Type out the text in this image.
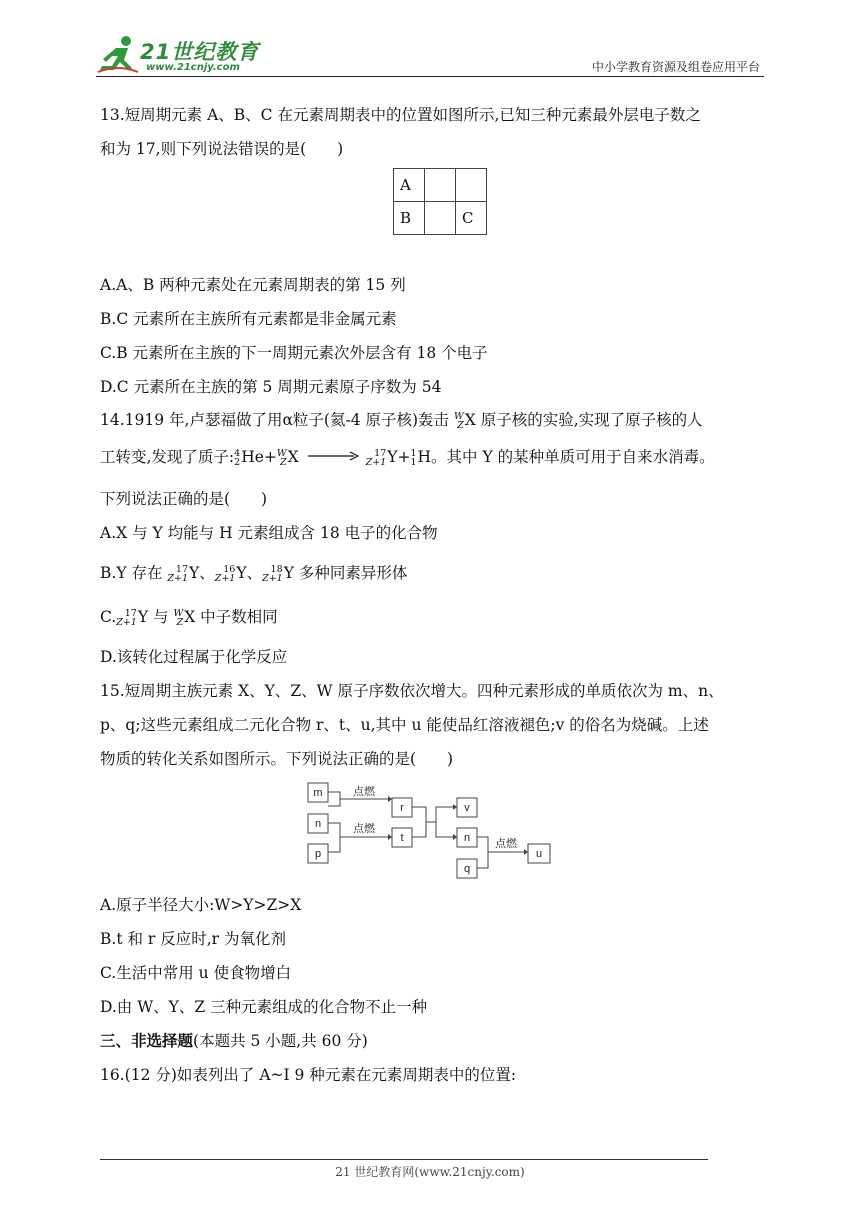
21世纪教育
www.21cnjy.com	中小学教育资源及组卷应用平台
13.短周期元素 A、B、C 在元素周期表中的位置如图所示,已知三种元素最外层电子数之
和为 17,则下列说法错误的是(　　)
A		
B		C
A.A、B 两种元素处在元素周期表的第 15 列
B.C 元素所在主族所有元素都是非金属元素
C.B 元素所在主族的下一周期元素次外层含有 18 个电子
D.C 元素所在主族的第 5 周期元素原子序数为 54
14.1919 年,卢瑟福做了用α粒子(氦-4 原子核)轰击 W
Z X 原子核的实验,实现了原子核的人
工转变,发现了质子: 4
2 He+ W
Z X →	17
Z+1 Y+ 1
1 H。其中 Y 的某种单质可用于自来水消毒。
下列说法正确的是(　　)
A.X 与 Y 均能与 H 元素组成含 18 电子的化合物
B.Y 存在 17
Z+1 Y、 16
Z+1 Y、 18
Z+1 Y 多种同素异形体
C. 17
Z+1 Y 与 W
Z X 中子数相同
D.该转化过程属于化学反应
15.短周期主族元素 X、Y、Z、W 原子序数依次增大。四种元素形成的单质依次为 m、n、
p、q;这些元素组成二元化合物 r、t、u,其中 u 能使品红溶液褪色;v 的俗名为烧碱。上述
物质的转化关系如图所示。下列说法正确的是(　　)
m
n
p
r
t
v
n
q
u
点燃
点燃
点燃
A.原子半径大小:W>Y>Z>X
B.t 和 r 反应时,r 为氧化剂
C.生活中常用 u 使食物增白
D.由 W、Y、Z 三种元素组成的化合物不止一种
三、非选择题(本题共 5 小题,共 60 分)
16.(12 分)如表列出了 A~I 9 种元素在元素周期表中的位置:
21 世纪教育网(www.21cnjy.com)
